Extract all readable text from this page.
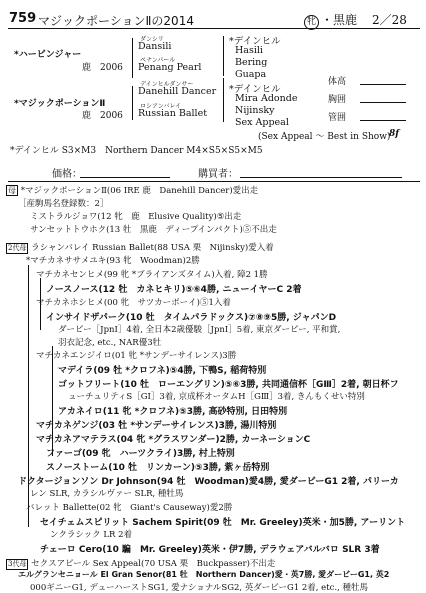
759 マジックポーションⅡの2014	牝 ・黒鹿 2／28
*ハービンジャー
鹿　2006
*マジックポーションⅡ
鹿　2006
ダンシリ
Dansili
ペナンパール
Penang Pearl
デインヒルダンサー
Danehill Dancer
ロシアンバレイ
Russian Ballet
*デインヒル
Hasili
Bering
Guapa
*デインヒル
Mira Adonde
Nijinsky
Sex Appeal
(Sex Appeal ～ Best in Show)
8f
*デインヒル S3×M3　Northern Dancer M4×S5×S5×M5
価格：	購買者：
母 *マジックポーションⅡ(06 IRE 鹿　Danehill Dancer)愛出走
［産駒馬名登録数：2］
ミストラルジョワ(12 牝　鹿　Elusive Quality)⑤出走
サンセットトウホク(13 牡　黒鹿　ディープインパクト)⑤不出走
2代母 ラシャンバレイ Russian Ballet(88 USA 栗　Nijinsky)愛入着
*マチカネササメユキ(93 牝　Woodman)2勝
マチカネセンヒメ(99 牝 *ブライアンズタイム)入着, 障2 1勝
ノースノース(12 牡　カネヒキリ)⑤⑥4勝, ニューイヤーC 2着
マチカネホシヒメ(00 牝　サツカーボーイ)⑤1入着
インサイドザパーク(10 牡　タイムパラドックス)⑦⑧⑨5勝, ジャパンD
ダービー［JpnⅠ］4着, 全日本2歳優駿［JpnⅠ］5着, 東京ダービー, 平和賞,
羽衣記念, etc., NAR優3牡
マチカネエンジイロ(01 牝 *サンデーサイレンス)3勝
マデイラ(09 牡 *クロフネ)⑤4勝, 下鴨S, 稲荷特別
ゴットフリート(10 牡　ローエングリン)⑤⑥3勝, 共同通信杯［GⅢ］2着, 朝日杯フ
ューチュリティS［GⅠ］3着, 京成杯オータムH［GⅢ］3着, きんもくせい特別
アカネイロ(11 牝 *クロフネ)⑤3勝, 高砂特別, 日田特別
マチカネゲンジ(03 牡 *サンデーサイレンス)3勝, 湯川特別
マチカネアマテラス(04 牝 *グラスワンダー)2勝, カーネーションC
ファーゴ(09 牝　ハーツクライ)3勝, 村上特別
スノーストーム(10 牡　リンカーン)⑤3勝, 紫ヶ岳特別
ドクタージョンソン Dr Johnson(94 牡　Woodman)愛4勝, 愛ダービーG1 2着, パリーカ
レン SLR, カラシルヴァー SLR, 種牡馬
バレット Ballette(02 牝　Giant's Causeway)愛2勝
セイチェムスピリット Sachem Spirit(09 牡　Mr. Greeley)英米・加5勝, アーリント
ンクラシック LR 2着
チェーロ Cero(10 騙　Mr. Greeley)英米・伊7勝, デラウェアバルバロ SLR 3着
3代母 セクスアピール Sex Appeal(70 USA 栗　Buckpasser)不出走
エルグランセニョール El Gran Senor(81 牡　Northern Dancer)愛・英7勝, 愛ダービーG1, 英2
000ギニーG1, デューハーストSG1, 愛ナショナルSG2, 英ダービーG1 2着, etc., 種牡馬
体高
胸囲
管囲
